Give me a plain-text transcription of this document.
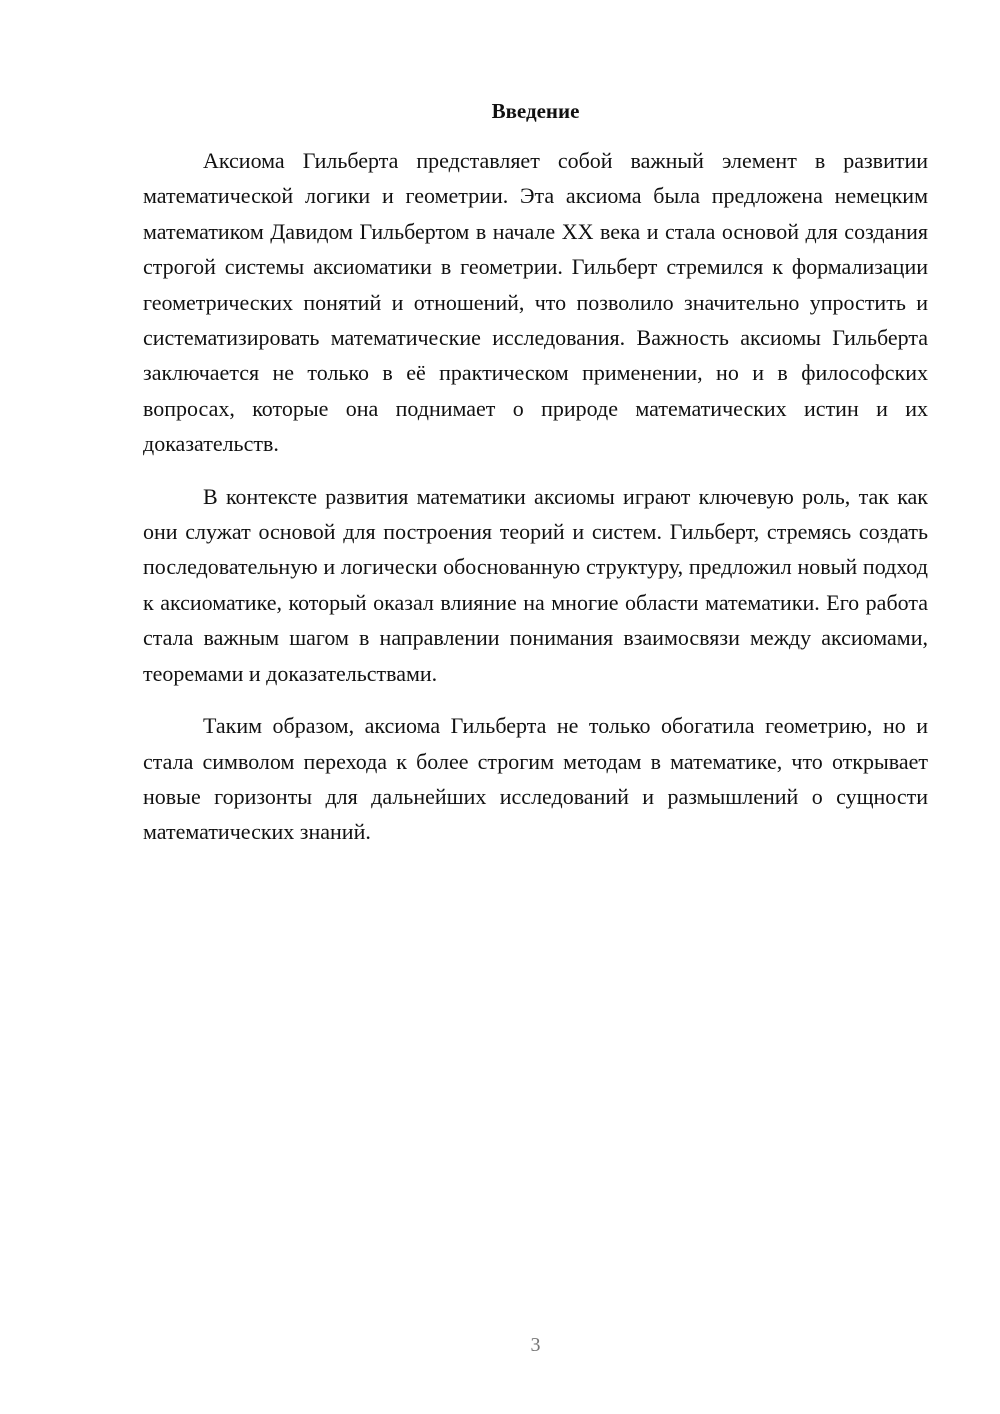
Введение

Аксиома Гильберта представляет собой важный элемент в развитии математической логики и геометрии. Эта аксиома была предложена немецким математиком Давидом Гильбертом в начале XX века и стала основой для создания строгой системы аксиоматики в геометрии. Гильберт стремился к формализации геометрических понятий и отношений, что позволило значительно упростить и систематизировать математические исследования. Важность аксиомы Гильберта заключается не только в её практическом применении, но и в философских вопросах, которые она поднимает о природе математических истин и их доказательств.

В контексте развития математики аксиомы играют ключевую роль, так как они служат основой для построения теорий и систем. Гильберт, стремясь создать последовательную и логически обоснованную структуру, предложил новый подход к аксиоматике, который оказал влияние на многие области математики. Его работа стала важным шагом в направлении понимания взаимосвязи между аксиомами, теоремами и доказательствами.

Таким образом, аксиома Гильберта не только обогатила геометрию, но и стала символом перехода к более строгим методам в математике, что открывает новые горизонты для дальнейших исследований и размышлений о сущности математических знаний.

3
